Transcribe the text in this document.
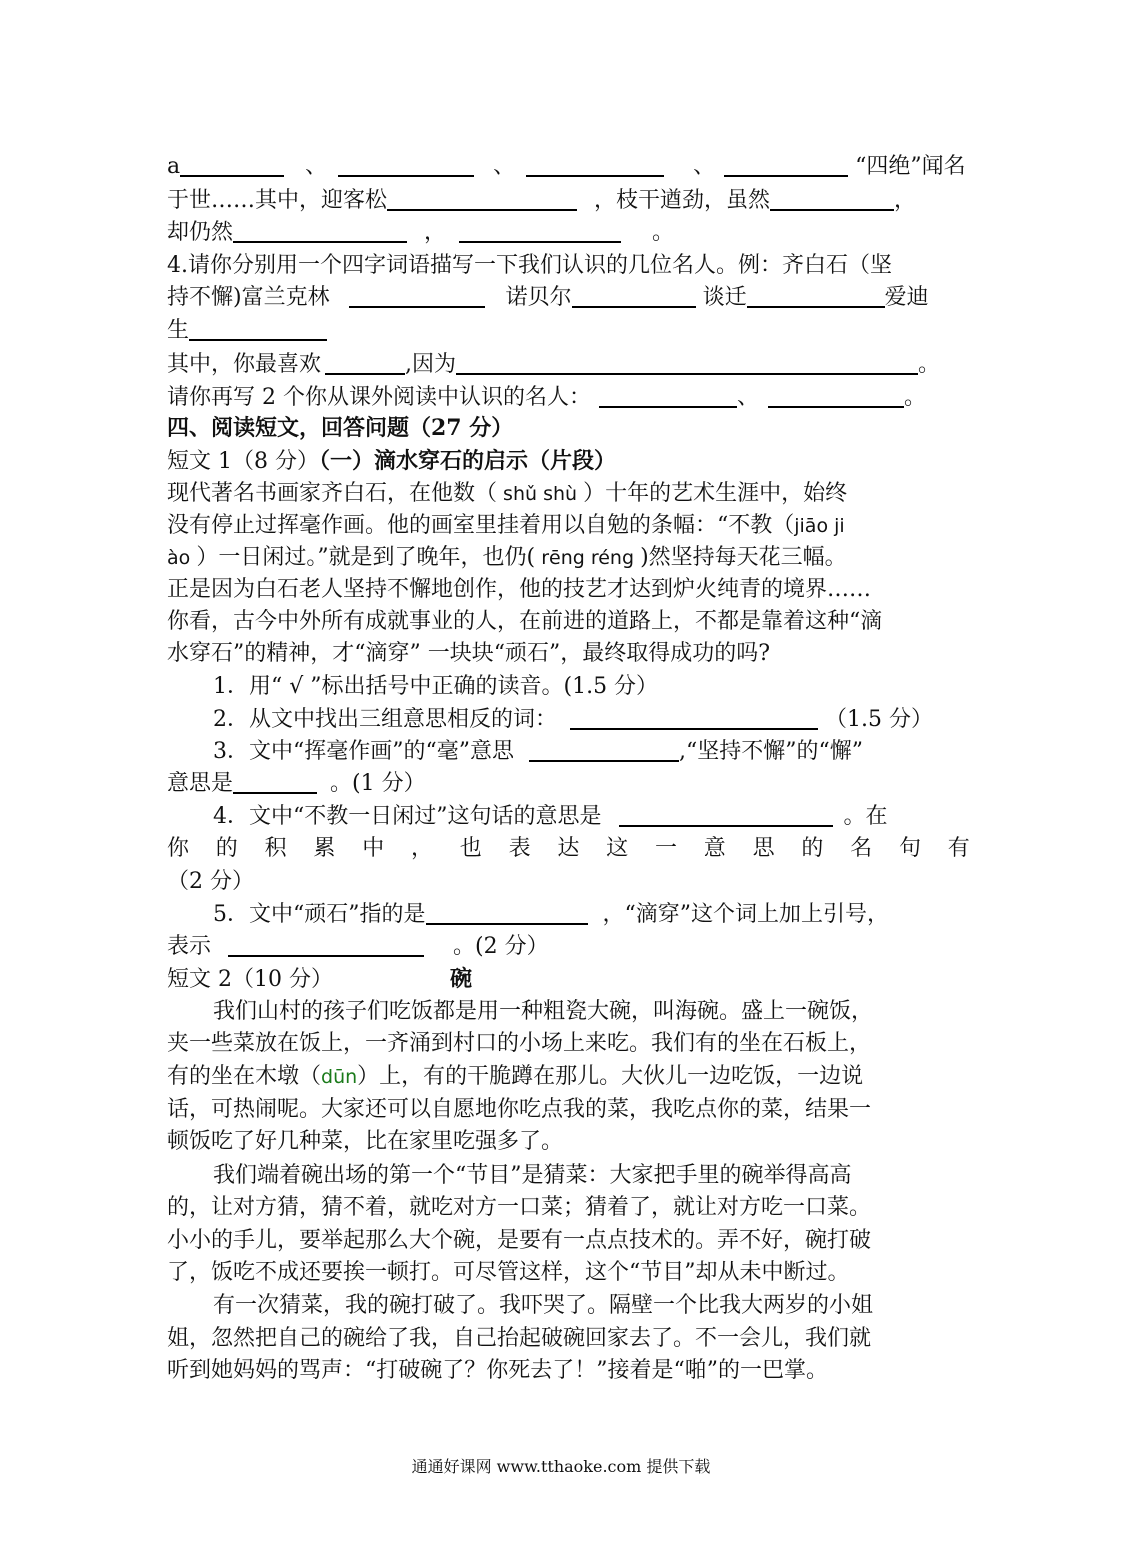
a	、	、	、	“四绝”闻名
于世……其中，迎客松	，枝干遒劲，虽然	，
却仍然	，	。
4.请你分别用一个四字词语描写一下我们认识的几位名人。例：齐白石（坚
持不懈)富兰克林	诺贝尔	谈迁	爱迪
生
其中，你最喜欢	,因为	。
请你再写 2 个你从课外阅读中认识的名人：	、	。
四、阅读短文，回答问题（27 分）
短文 1（8 分）（一）滴水穿石的启示（片段）
现代著名书画家齐白石，在他数（ shǔ shù ）十年的艺术生涯中，始终
没有停止过挥毫作画。他的画室里挂着用以自勉的条幅：“不教（jiāo ji
ào ）一日闲过。”就是到了晚年，也仍( rēng réng )然坚持每天花三幅。
正是因为白石老人坚持不懈地创作，他的技艺才达到炉火纯青的境界……
你看，古今中外所有成就事业的人，在前进的道路上，不都是靠着这种“滴
水穿石”的精神，才“滴穿” 一块块“顽石”，最终取得成功的吗?
1．用“ √ ”标出括号中正确的读音。(1.5 分）
2．从文中找出三组意思相反的词：	（1.5 分）
3．文中“挥毫作画”的“毫”意思	,“坚持不懈”的“懈”
意思是	。(1 分）
4．文中“不教一日闲过”这句话的意思是	。在
你 的 积 累 中 ， 也 表 达 这 一 意 思 的 名 句 有
（2 分）
5．文中“顽石”指的是	，“滴穿”这个词上加上引号，
表示	。(2 分）
短文 2（10 分）	碗
我们山村的孩子们吃饭都是用一种粗瓷大碗，叫海碗。盛上一碗饭，
夹一些菜放在饭上，一齐涌到村口的小场上来吃。我们有的坐在石板上，
有的坐在木墩（dūn）上，有的干脆蹲在那儿。大伙儿一边吃饭，一边说
话，可热闹呢。大家还可以自愿地你吃点我的菜，我吃点你的菜，结果一
顿饭吃了好几种菜，比在家里吃强多了。
我们端着碗出场的第一个“节目”是猜菜：大家把手里的碗举得高高
的，让对方猜，猜不着，就吃对方一口菜；猜着了，就让对方吃一口菜。
小小的手儿，要举起那么大个碗，是要有一点点技术的。弄不好，碗打破
了，饭吃不成还要挨一顿打。可尽管这样，这个“节目”却从未中断过。
有一次猜菜，我的碗打破了。我吓哭了。隔壁一个比我大两岁的小姐
姐，忽然把自己的碗给了我，自己抬起破碗回家去了。不一会儿，我们就
听到她妈妈的骂声：“打破碗了？你死去了！”接着是“啪”的一巴掌。
通通好课网 www.tthaoke.com 提供下载
